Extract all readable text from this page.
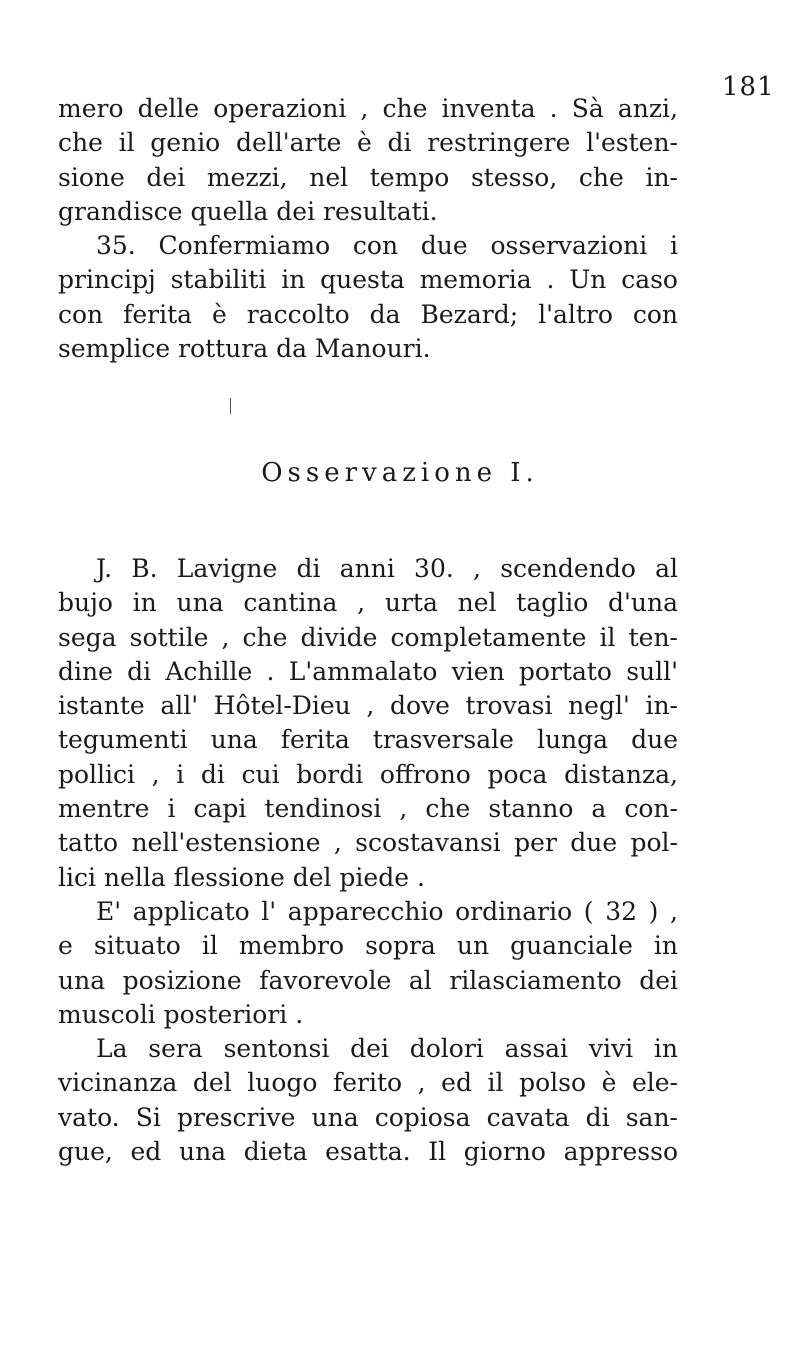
181
mero delle operazioni , che inventa . Sà anzi,
che il genio dell'arte è di restringere l'esten-
sione dei mezzi, nel tempo stesso, che in-
grandisce quella dei resultati.
35. Confermiamo con due osservazioni i
principj stabiliti in questa memoria . Un caso
con ferita è raccolto da Bezard; l'altro con
semplice rottura da Manouri.
Osservazione I.
J. B. Lavigne di anni 30. , scendendo al
bujo in una cantina , urta nel taglio d'una
sega sottile , che divide completamente il ten-
dine di Achille . L'ammalato vien portato sull'
istante all' Hôtel-Dieu , dove trovasi negl' in-
tegumenti una ferita trasversale lunga due
pollici , i di cui bordi offrono poca distanza,
mentre i capi tendinosi , che stanno a con-
tatto nell'estensione , scostavansi per due pol-
lici nella flessione del piede .
E' applicato l' apparecchio ordinario ( 32 ) ,
e situato il membro sopra un guanciale in
una posizione favorevole al rilasciamento dei
muscoli posteriori .
La sera sentonsi dei dolori assai vivi in
vicinanza del luogo ferito , ed il polso è ele-
vato. Si prescrive una copiosa cavata di san-
gue, ed una dieta esatta. Il giorno appresso
